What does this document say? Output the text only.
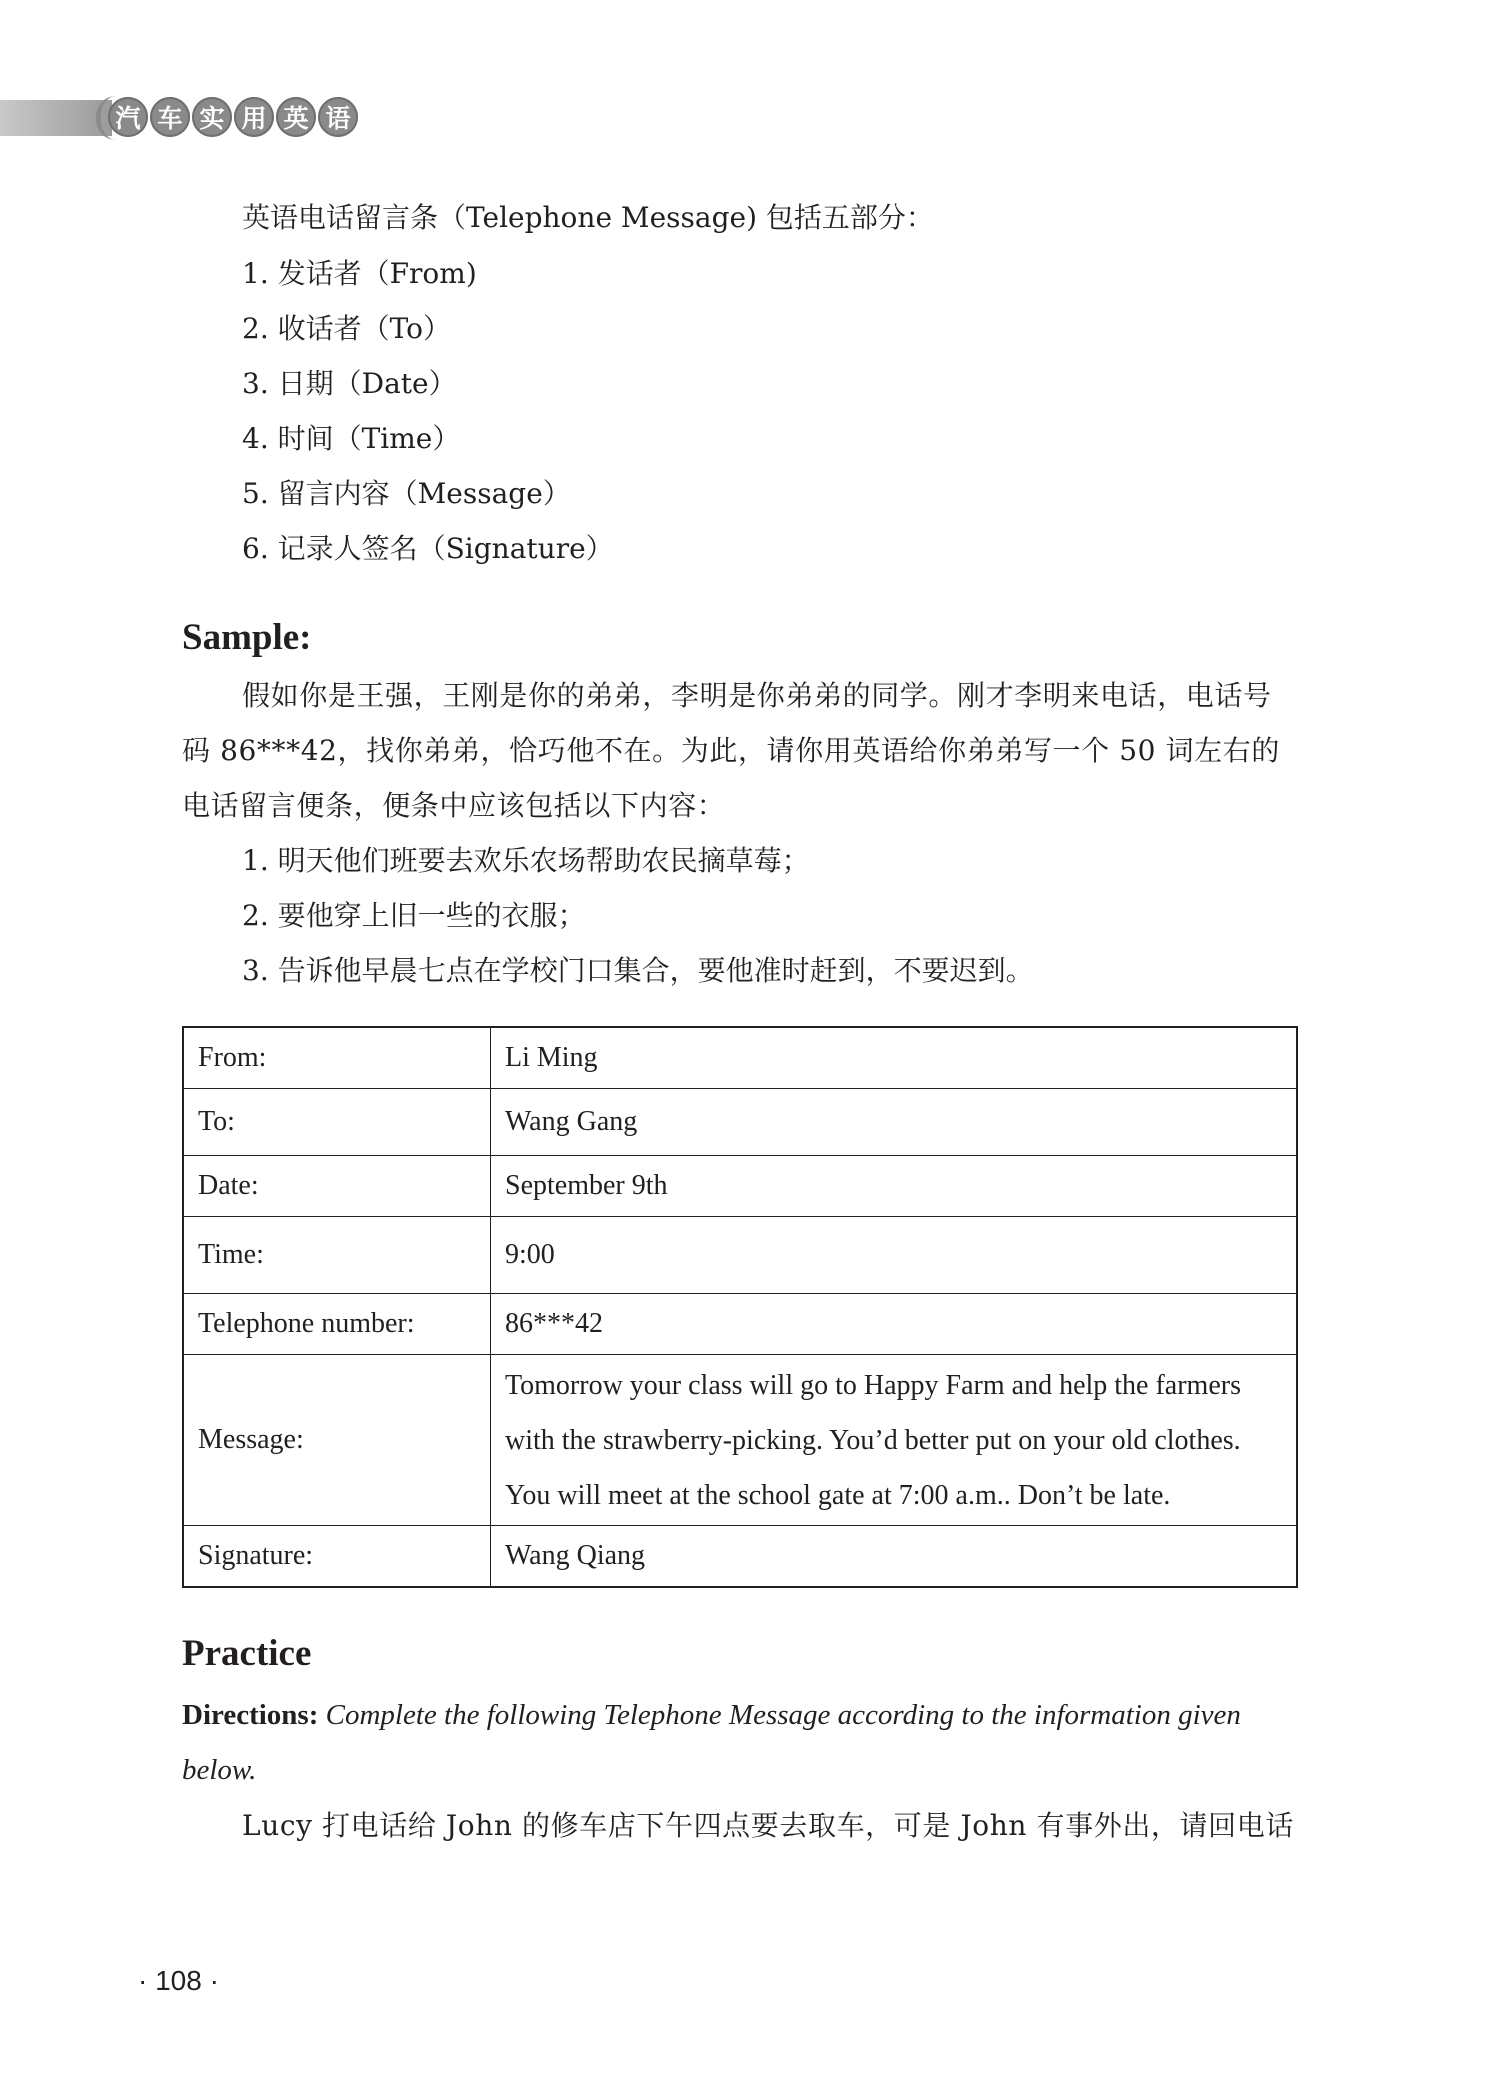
汽 车 实 用 英 语

英语电话留言条（Telephone Message) 包括五部分：

1. 发话者（From)
2. 收话者（To）
3. 日期（Date）
4. 时间（Time）
5. 留言内容（Message）
6. 记录人签名（Signature）
Sample:

假如你是王强，王刚是你的弟弟，李明是你弟弟的同学。刚才李明来电话，电话号码 86***42，找你弟弟，恰巧他不在。为此，请你用英语给你弟弟写一个 50 词左右的电话留言便条，便条中应该包括以下内容：

1. 明天他们班要去欢乐农场帮助农民摘草莓；
2. 要他穿上旧一些的衣服；
3. 告诉他早晨七点在学校门口集合，要他准时赶到，不要迟到。
From:	Li Ming
To:	Wang Gang
Date:	September 9th
Time:	9:00
Telephone number:	86***42
Message:	Tomorrow your class will go to Happy Farm and help the farmers with the strawberry-picking. You’d better put on your old clothes. You will meet at the school gate at 7:00 a.m.. Don’t be late.
Signature:	Wang Qiang
Practice

Directions: Complete the following Telephone Message according to the information given below.

Lucy 打电话给 John 的修车店下午四点要去取车，可是 John 有事外出，请回电话

· 108 ·
